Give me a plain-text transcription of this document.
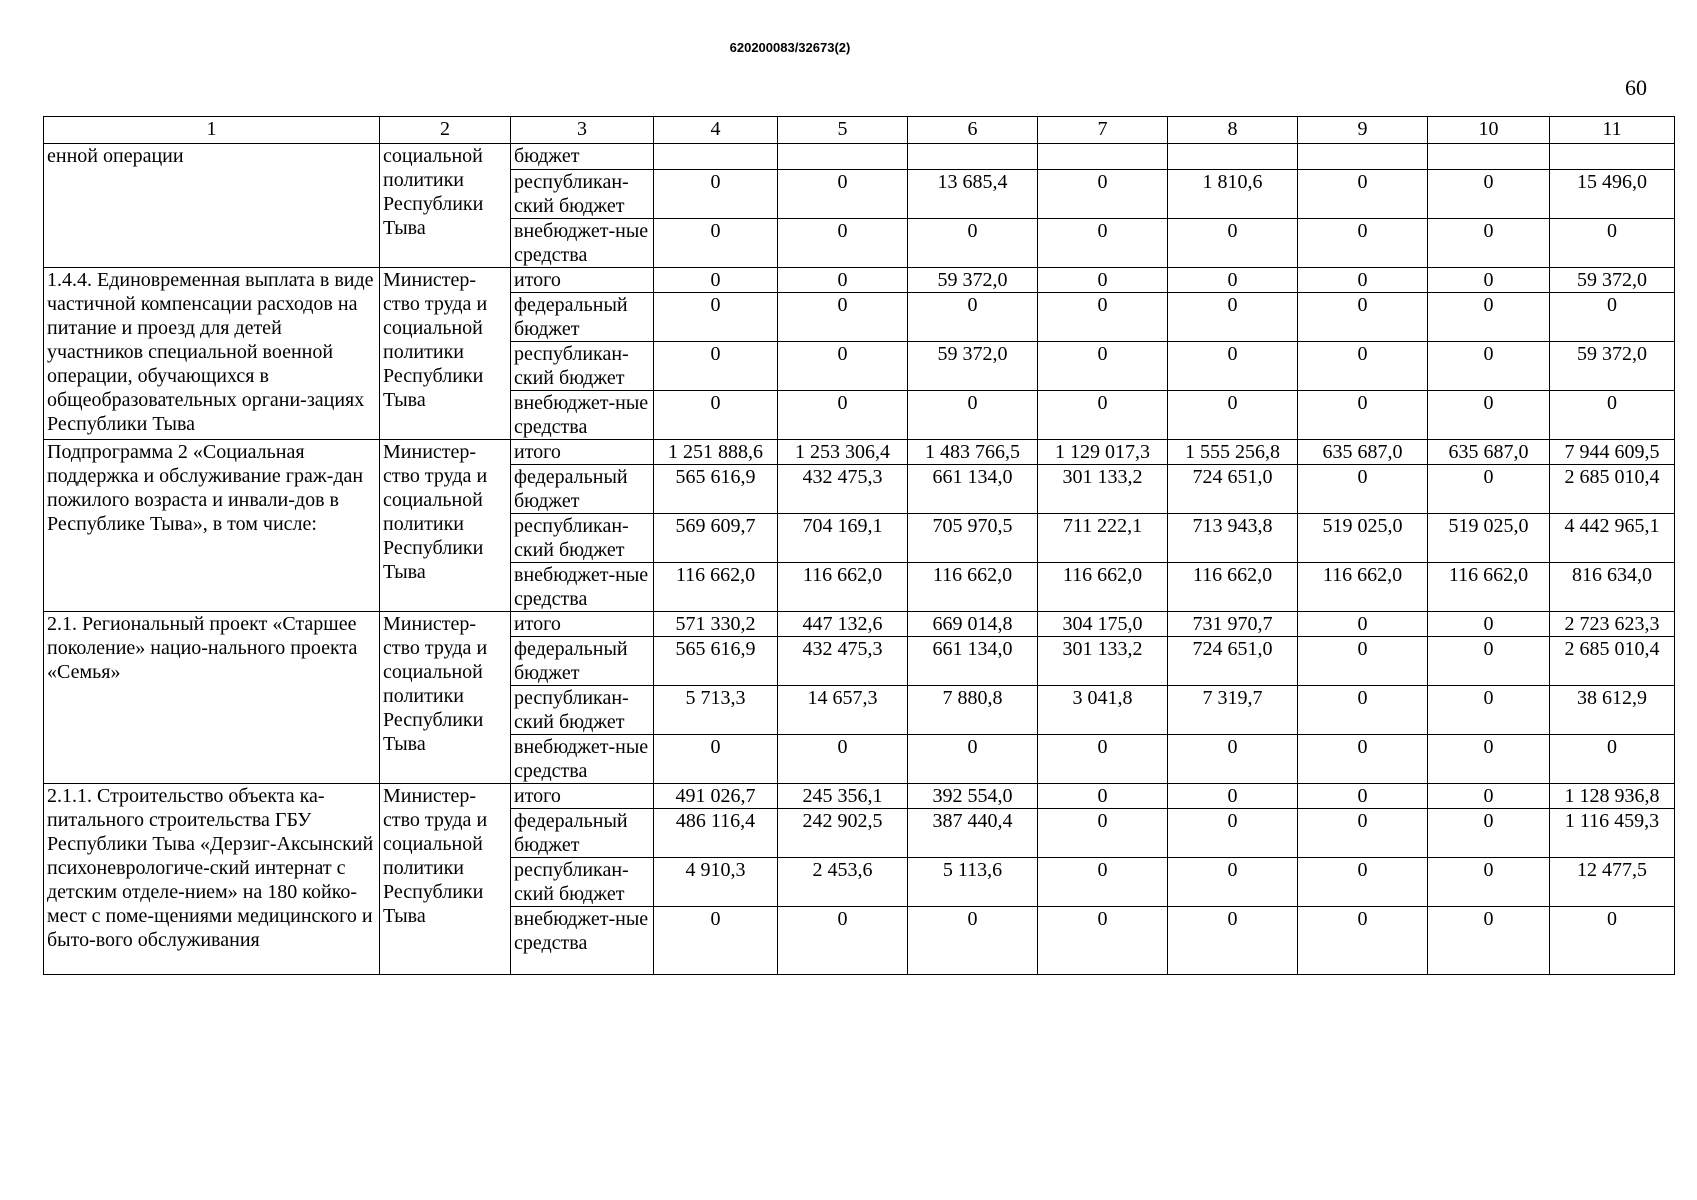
620200083/32673(2)
60
1	2	3	4	5	6	7	8	9	10	11
енной операции	социальной политики Республики Тыва	бюджет								
		республикан-ский бюджет	0	0	13 685,4	0	1 810,6	0	0	15 496,0
		внебюджет-ные средства	0	0	0	0	0	0	0	0
1.4.4. Единовременная выплата в виде частичной компенсации расходов на питание и проезд для детей участников специальной военной операции, обучающихся в общеобразовательных органи-зациях Республики Тыва	Министер-ство труда и социальной политики Республики Тыва	итого	0	0	59 372,0	0	0	0	0	59 372,0
		федеральный бюджет	0	0	0	0	0	0	0	0
		республикан-ский бюджет	0	0	59 372,0	0	0	0	0	59 372,0
		внебюджет-ные средства	0	0	0	0	0	0	0	0
Подпрограмма 2 «Социальная поддержка и обслуживание граж-дан пожилого возраста и инвали-дов в Республике Тыва», в том числе:	Министер-ство труда и социальной политики Республики Тыва	итого	1 251 888,6	1 253 306,4	1 483 766,5	1 129 017,3	1 555 256,8	635 687,0	635 687,0	7 944 609,5
		федеральный бюджет	565 616,9	432 475,3	661 134,0	301 133,2	724 651,0	0	0	2 685 010,4
		республикан-ский бюджет	569 609,7	704 169,1	705 970,5	711 222,1	713 943,8	519 025,0	519 025,0	4 442 965,1
		внебюджет-ные средства	116 662,0	116 662,0	116 662,0	116 662,0	116 662,0	116 662,0	116 662,0	816 634,0
2.1. Региональный проект «Старшее поколение» нацио-нального проекта «Семья»	Министер-ство труда и социальной политики Республики Тыва	итого	571 330,2	447 132,6	669 014,8	304 175,0	731 970,7	0	0	2 723 623,3
		федеральный бюджет	565 616,9	432 475,3	661 134,0	301 133,2	724 651,0	0	0	2 685 010,4
		республикан-ский бюджет	5 713,3	14 657,3	7 880,8	3 041,8	7 319,7	0	0	38 612,9
		внебюджет-ные средства	0	0	0	0	0	0	0	0
2.1.1. Строительство объекта ка-питального строительства ГБУ Республики Тыва «Дерзиг-Аксынский психоневрологиче-ский интернат с детским отделе-нием» на 180 койко-мест с поме-щениями медицинского и быто-вого обслуживания	Министер-ство труда и социальной политики Республики Тыва	итого	491 026,7	245 356,1	392 554,0	0	0	0	0	1 128 936,8
		федеральный бюджет	486 116,4	242 902,5	387 440,4	0	0	0	0	1 116 459,3
		республикан-ский бюджет	4 910,3	2 453,6	5 113,6	0	0	0	0	12 477,5
		внебюджет-ные средства	0	0	0	0	0	0	0	0
